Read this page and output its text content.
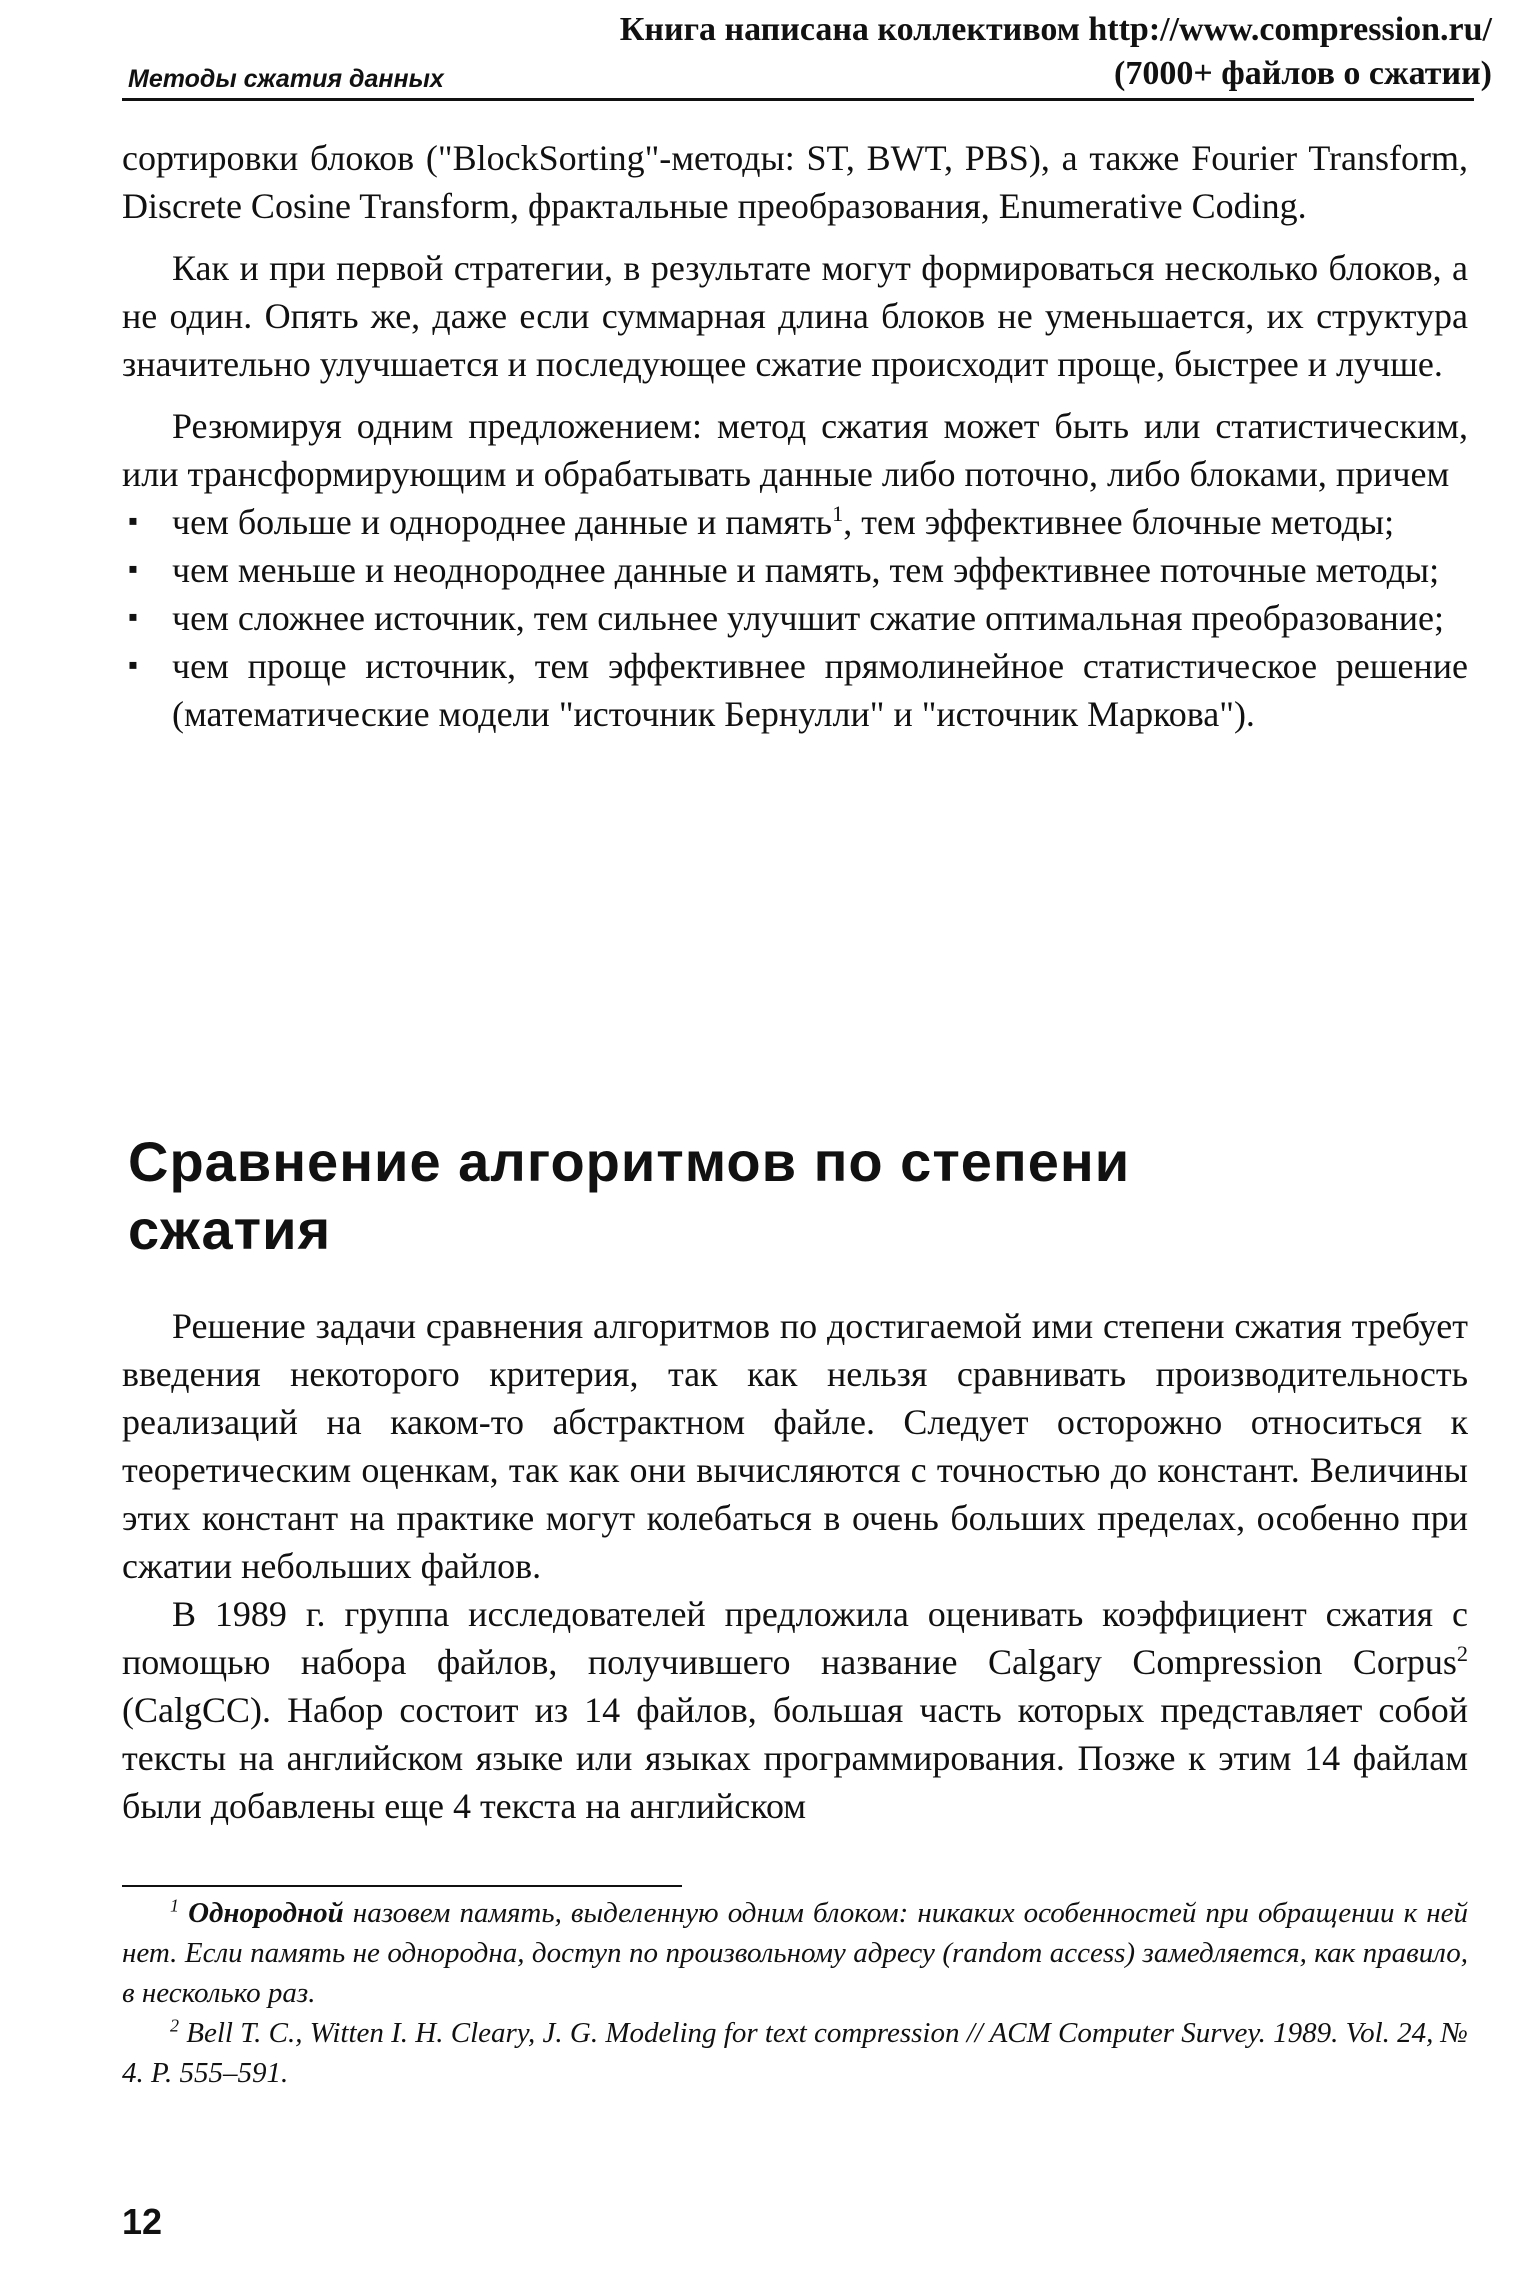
Книга написана коллективом http://www.compression.ru/
(7000+ файлов о сжатии)
Методы сжатия данных

сортировки блоков ("BlockSorting"-методы: ST, BWT, PBS), а также Fourier Transform, Discrete Cosine Transform, фрактальные преобразования, Enumerative Coding.

Как и при первой стратегии, в результате могут формироваться несколько блоков, а не один. Опять же, даже если суммарная длина блоков не уменьшается, их структура значительно улучшается и последующее сжатие происходит проще, быстрее и лучше.

Резюмируя одним предложением: метод сжатия может быть или статистическим, или трансформирующим и обрабатывать данные либо поточно, либо блоками, причем

▪ чем больше и однороднее данные и память$^1$, тем эффективнее блочные методы;
▪ чем меньше и неоднороднее данные и память, тем эффективнее поточные методы;
▪ чем сложнее источник, тем сильнее улучшит сжатие оптимальная преобразование;
▪ чем проще источник, тем эффективнее прямолинейное статистическое решение (математические модели "источник Бернулли" и "источник Маркова").
Сравнение алгоритмов по степени сжатия

Решение задачи сравнения алгоритмов по достигаемой ими степени сжатия требует введения некоторого критерия, так как нельзя сравнивать производительность реализаций на каком-то абстрактном файле. Следует осторожно относиться к теоретическим оценкам, так как они вычисляются с точностью до констант. Величины этих констант на практике могут колебаться в очень больших пределах, особенно при сжатии небольших файлов.

В 1989 г. группа исследователей предложила оценивать коэффициент сжатия с помощью набора файлов, получившего название Calgary Compression Corpus$^2$ (CalgCC). Набор состоит из 14 файлов, большая часть которых представляет собой тексты на английском языке или языках программирования. Позже к этим 14 файлам были добавлены еще 4 текста на английском

$^1$ Однородной назовем память, выделенную одним блоком: никаких особенностей при обращении к ней нет. Если память не однородна, доступ по произвольному адресу (random access) замедляется, как правило, в несколько раз.

$^2$ Bell T. C., Witten I. H. Cleary, J. G. Modeling for text compression // ACM Computer Survey. 1989. Vol. 24, № 4. P. 555–591.

12
